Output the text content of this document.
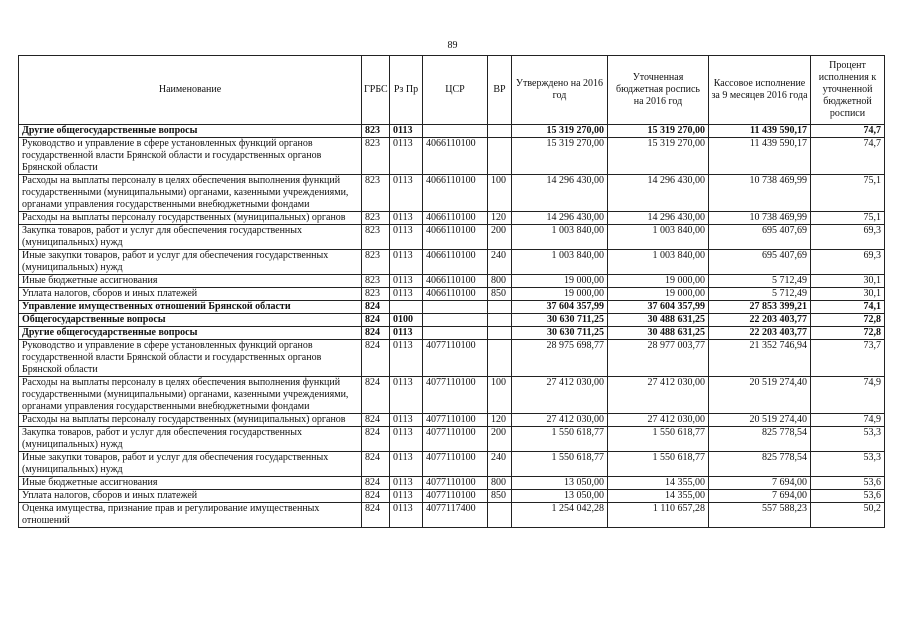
89
Наименование	ГРБС	Рз Пр	ЦСР	ВР	Утверждено на 2016 год	Уточненная бюджетная роспись на 2016 год	Кассовое исполнение за 9 месяцев 2016 года	Процент исполнения к уточненной бюджетной росписи
Другие общегосударственные вопросы	823	0113			15 319 270,00	15 319 270,00	11 439 590,17	74,7
Руководство и управление в сфере установленных функций органов государственной власти Брянской области и государственных органов Брянской области	823	0113	4066110100		15 319 270,00	15 319 270,00	11 439 590,17	74,7
Расходы на выплаты персоналу в целях обеспечения выполнения функций государственными (муниципальными) органами, казенными учреждениями, органами управления государственными внебюджетными фондами	823	0113	4066110100	100	14 296 430,00	14 296 430,00	10 738 469,99	75,1
Расходы на выплаты персоналу государственных (муниципальных) органов	823	0113	4066110100	120	14 296 430,00	14 296 430,00	10 738 469,99	75,1
Закупка товаров, работ и услуг для обеспечения государственных (муниципальных) нужд	823	0113	4066110100	200	1 003 840,00	1 003 840,00	695 407,69	69,3
Иные закупки товаров, работ и услуг для обеспечения государственных (муниципальных) нужд	823	0113	4066110100	240	1 003 840,00	1 003 840,00	695 407,69	69,3
Иные бюджетные ассигнования	823	0113	4066110100	800	19 000,00	19 000,00	5 712,49	30,1
Уплата налогов, сборов и иных платежей	823	0113	4066110100	850	19 000,00	19 000,00	5 712,49	30,1
Управление имущественных отношений Брянской области	824				37 604 357,99	37 604 357,99	27 853 399,21	74,1
Общегосударственные вопросы	824	0100			30 630 711,25	30 488 631,25	22 203 403,77	72,8
Другие общегосударственные вопросы	824	0113			30 630 711,25	30 488 631,25	22 203 403,77	72,8
Руководство и управление в сфере установленных функций органов государственной власти Брянской области и государственных органов Брянской области	824	0113	4077110100		28 975 698,77	28 977 003,77	21 352 746,94	73,7
Расходы на выплаты персоналу в целях обеспечения выполнения функций государственными (муниципальными) органами, казенными учреждениями, органами управления государственными внебюджетными фондами	824	0113	4077110100	100	27 412 030,00	27 412 030,00	20 519 274,40	74,9
Расходы на выплаты персоналу государственных (муниципальных) органов	824	0113	4077110100	120	27 412 030,00	27 412 030,00	20 519 274,40	74,9
Закупка товаров, работ и услуг для обеспечения государственных (муниципальных) нужд	824	0113	4077110100	200	1 550 618,77	1 550 618,77	825 778,54	53,3
Иные закупки товаров, работ и услуг для обеспечения государственных (муниципальных) нужд	824	0113	4077110100	240	1 550 618,77	1 550 618,77	825 778,54	53,3
Иные бюджетные ассигнования	824	0113	4077110100	800	13 050,00	14 355,00	7 694,00	53,6
Уплата налогов, сборов и иных платежей	824	0113	4077110100	850	13 050,00	14 355,00	7 694,00	53,6
Оценка имущества, признание прав и регулирование имущественных отношений	824	0113	4077117400		1 254 042,28	1 110 657,28	557 588,23	50,2
